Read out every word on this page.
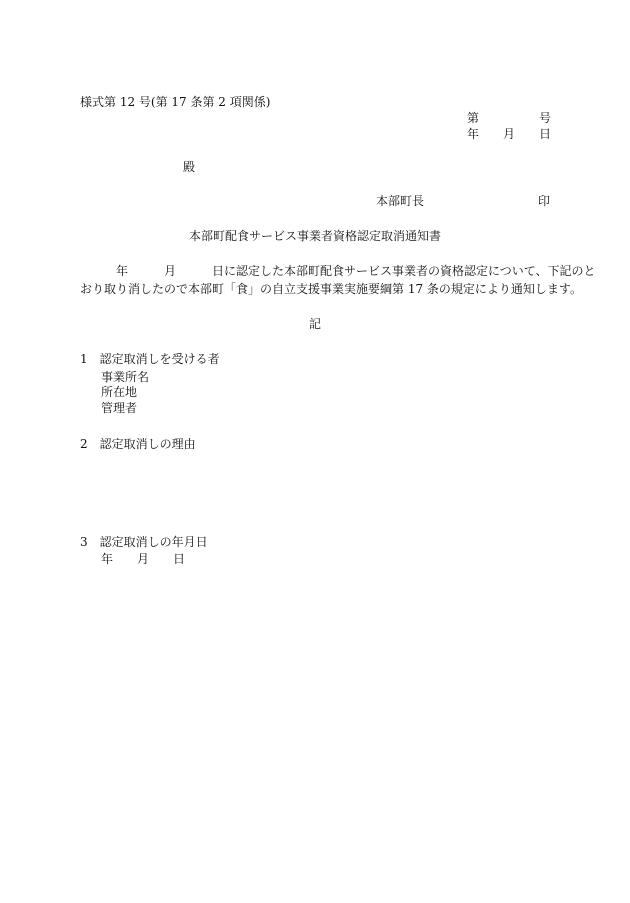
様式第 12 号(第 17 条第 2 項関係)
第　　　　　号
年　　月　　日
殿
本部町長	印
本部町配食サービス事業者資格認定取消通知書
　　　年　　　月　　　日に認定した本部町配食サービス事業者の資格認定について、下記のと
おり取り消したので本部町「食」の自立支援事業実施要綱第 17 条の規定により通知します。
記
1　認定取消しを受ける者
事業所名
所在地
管理者
2　認定取消しの理由
3　認定取消しの年月日
年　　月　　日
